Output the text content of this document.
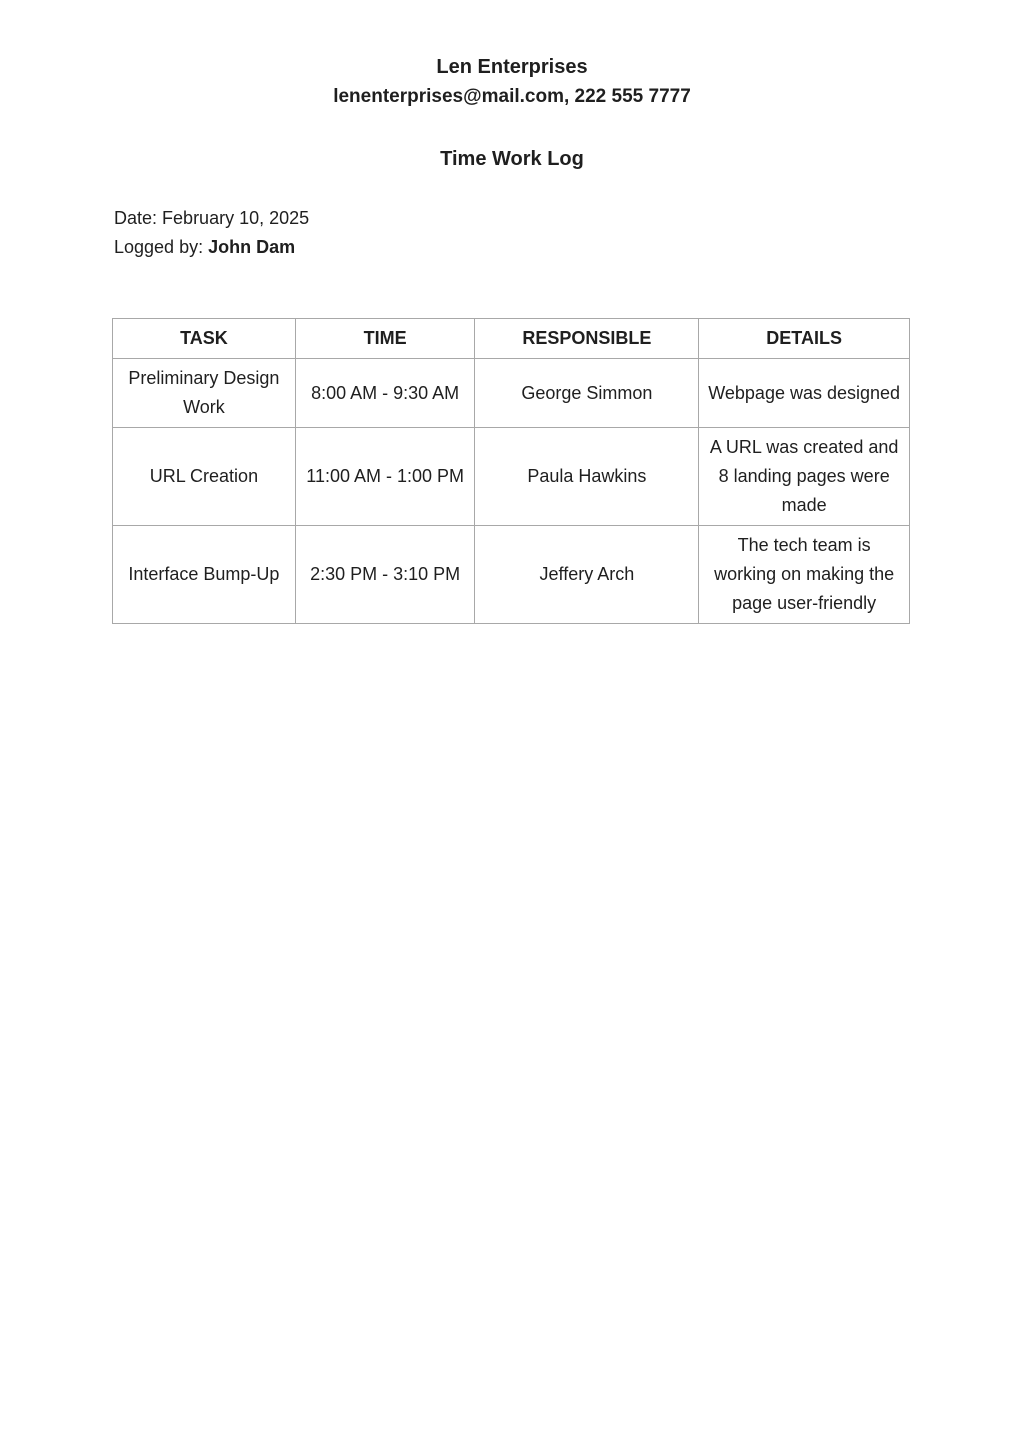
Len Enterprises
lenenterprises@mail.com, 222 555 7777
Time Work Log
Date: February 10, 2025
Logged by: John Dam
TASK	TIME	RESPONSIBLE	DETAILS
Preliminary Design Work	8:00 AM - 9:30 AM	George Simmon	Webpage was designed
URL Creation	11:00 AM - 1:00 PM	Paula Hawkins	A URL was created and 8 landing pages were made
Interface Bump-Up	2:30 PM - 3:10 PM	Jeffery Arch	The tech team is working on making the page user-friendly
